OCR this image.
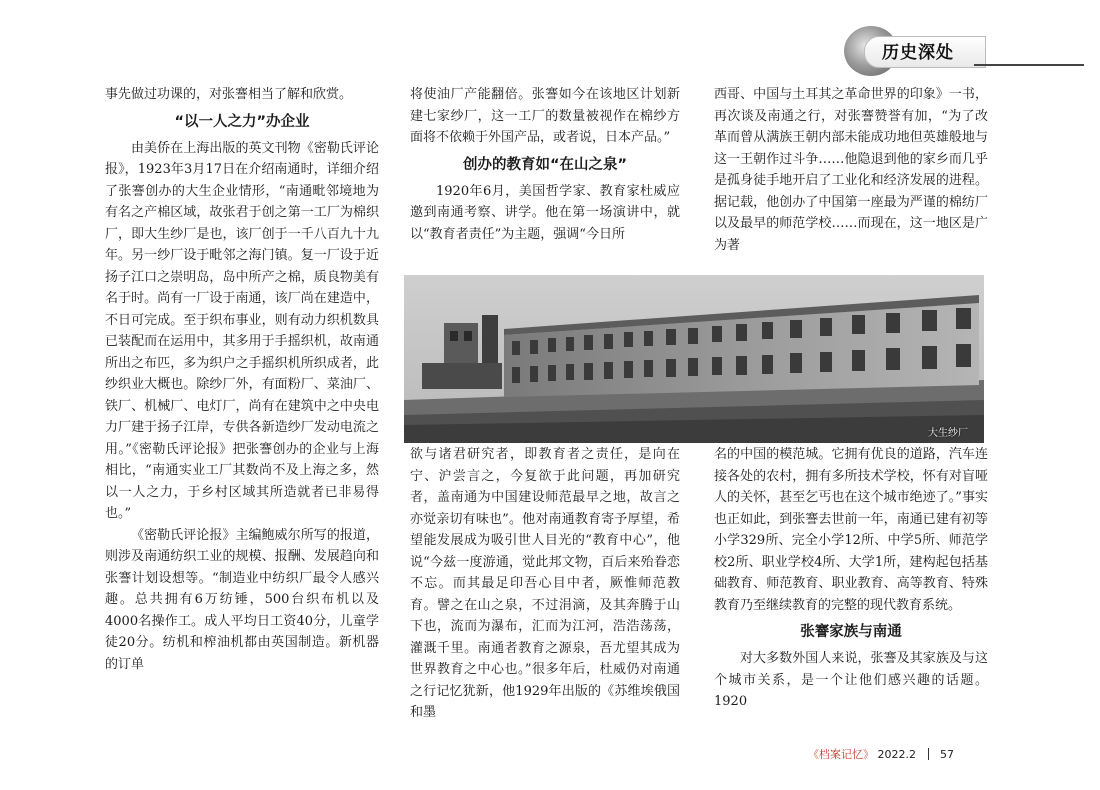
历史深处

事先做过功课的，对张謇相当了解和欣赏。

“以一人之力”办企业

由美侨在上海出版的英文刊物《密勒氏评论报》，1923年3月17日在介绍南通时，详细介绍了张謇创办的大生企业情形，“南通毗邻境地为有名之产棉区域，故张君于创之第一工厂为棉织厂，即大生纱厂是也，该厂创于一千八百九十九年。另一纱厂设于毗邻之海门镇。复一厂设于近扬子江口之崇明岛，岛中所产之棉，质良物美有名于时。尚有一厂设于南通，该厂尚在建造中，不日可完成。至于织布事业，则有动力织机数具已装配而在运用中，其多用于手摇织机，故南通所出之布匹，多为织户之手摇织机所织成者，此纱织业大概也。除纱厂外，有面粉厂、菜油厂、铁厂、机械厂、电灯厂，尚有在建筑中之中央电力厂建于扬子江岸，专供各新造纱厂发动电流之用。”《密勒氏评论报》把张謇创办的企业与上海相比，“南通实业工厂其数尚不及上海之多，然以一人之力，于乡村区域其所造就者已非易得也。”

《密勒氏评论报》主编鲍威尔所写的报道，则涉及南通纺织工业的规模、报酬、发展趋向和张謇计划设想等。“制造业中纺织厂最令人感兴趣。总共拥有6万纺锤，500台织布机以及4000名操作工。成人平均日工资40分，儿童学徒20分。纺机和榨油机都由英国制造。新机器的订单

将使油厂产能翻倍。张謇如今在该地区计划新建七家纱厂，这一工厂的数量被视作在棉纱方面将不依赖于外国产品，或者说，日本产品。”

创办的教育如“在山之泉”

1920年6月，美国哲学家、教育家杜威应邀到南通考察、讲学。他在第一场演讲中，就以“教育者责任”为主题，强调“今日所

西哥、中国与土耳其之革命世界的印象》一书，再次谈及南通之行，对张謇赞誉有加，“为了改革而曾从满族王朝内部未能成功地但英雄般地与这一王朝作过斗争……他隐退到他的家乡而几乎是孤身徒手地开启了工业化和经济发展的进程。据记载，他创办了中国第一座最为严谨的棉纺厂以及最早的师范学校……而现在，这一地区是广为著

大生纱厂

欲与诸君研究者，即教育者之责任，是向在宁、沪尝言之，今复欲于此问题，再加研究者，盖南通为中国建设师范最早之地，故言之亦觉亲切有味也”。他对南通教育寄予厚望，希望能发展成为吸引世人目光的“教育中心”，他说“今兹一度游通，觉此邦文物，百后来殆眷恋不忘。而其最足印吾心目中者，厥惟师范教育。譬之在山之泉，不过涓滴，及其奔腾于山下也，流而为瀑布，汇而为江河，浩浩荡荡，灌溉千里。南通者教育之源泉，吾尤望其成为世界教育之中心也。”很多年后，杜威仍对南通之行记忆犹新，他1929年出版的《苏维埃俄国和墨

名的中国的模范城。它拥有优良的道路，汽车连接各处的农村，拥有多所技术学校，怀有对盲哑人的关怀，甚至乞丐也在这个城市绝迹了。”事实也正如此，到张謇去世前一年，南通已建有初等小学329所、完全小学12所、中学5所、师范学校2所、职业学校4所、大学1所，建构起包括基础教育、师范教育、职业教育、高等教育、特殊教育乃至继续教育的完整的现代教育系统。

张謇家族与南通

对大多数外国人来说，张謇及其家族及与这个城市关系，是一个让他们感兴趣的话题。1920

《档案记忆》 2022.2 57
